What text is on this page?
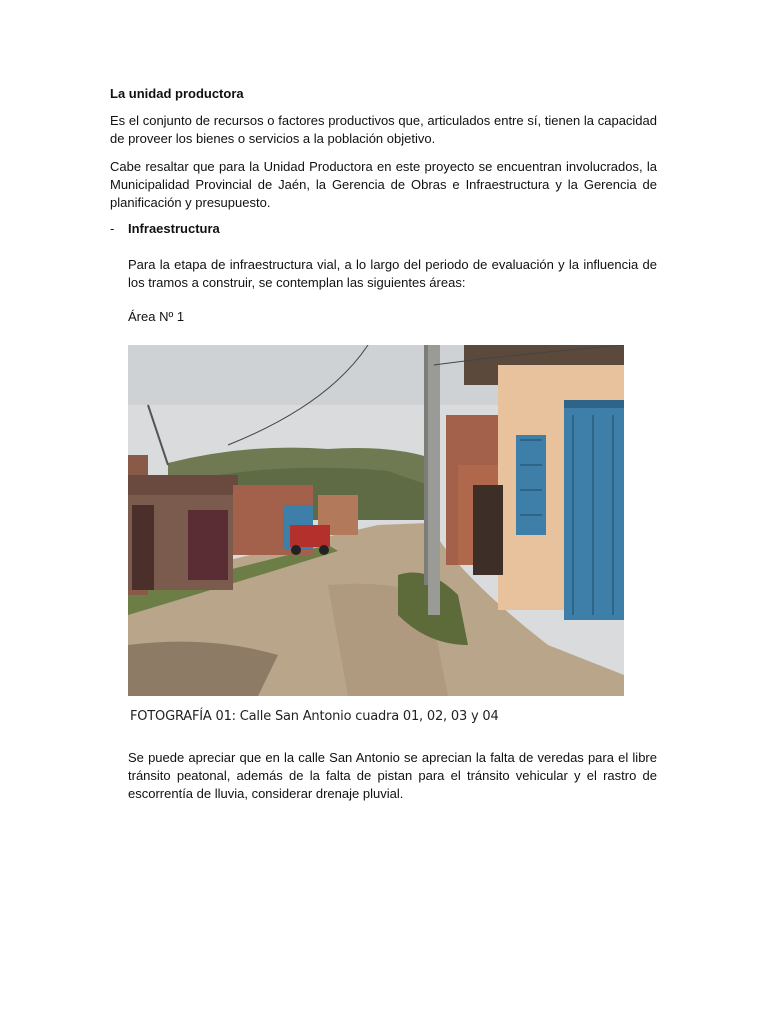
La unidad productora
Es el conjunto de recursos o factores productivos que, articulados entre sí, tienen la capacidad de proveer los bienes o servicios a la población objetivo.
Cabe resaltar que para la Unidad Productora en este proyecto se encuentran involucrados, la Municipalidad Provincial de Jaén, la Gerencia de Obras e Infraestructura y la Gerencia de planificación y presupuesto.
- Infraestructura
Para la etapa de infraestructura vial, a lo largo del periodo de evaluación y la influencia de los tramos a construir, se contemplan las siguientes áreas:
Área Nº 1
FOTOGRAFÍA 01: Calle San Antonio cuadra 01, 02, 03 y 04
Se puede apreciar que en la calle San Antonio se aprecian la falta de veredas para el libre tránsito peatonal, además de la falta de pistan para el tránsito vehicular y el rastro de escorrentía de lluvia, considerar drenaje pluvial.
